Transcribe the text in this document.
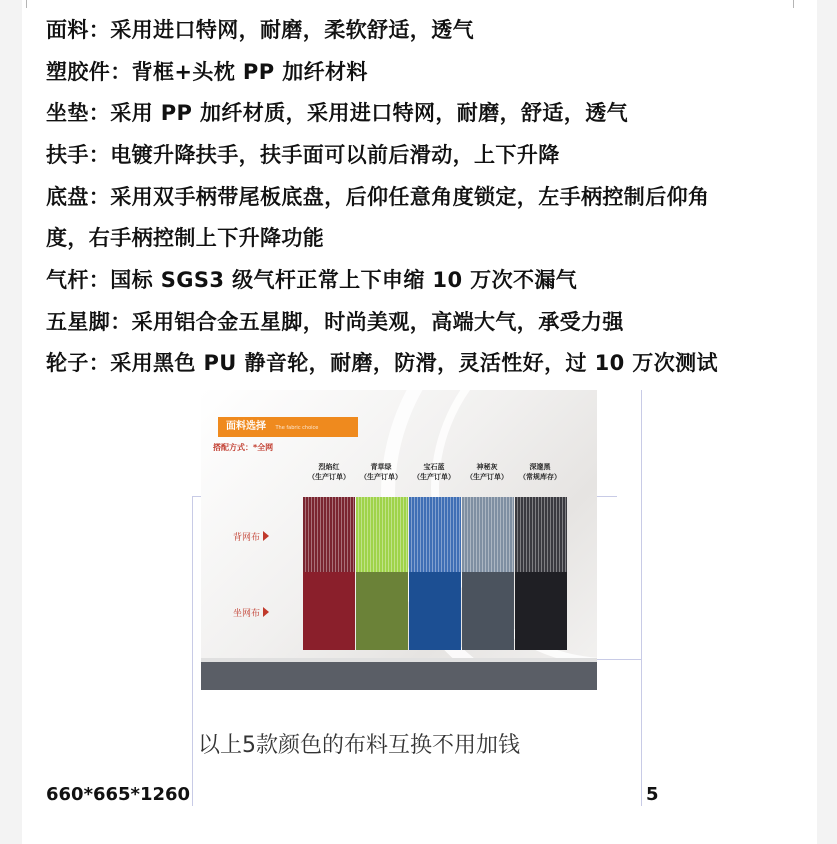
面料：采用进口特网，耐磨，柔软舒适，透气
塑胶件：背框+头枕 PP 加纤材料
坐垫：采用 PP 加纤材质，采用进口特网，耐磨，舒适，透气
扶手：电镀升降扶手，扶手面可以前后滑动，上下升降
底盘：采用双手柄带尾板底盘，后仰任意角度锁定，左手柄控制后仰角
度，右手柄控制上下升降功能
气杆：国标 SGS3 级气杆正常上下申缩 10 万次不漏气
五星脚：采用铝合金五星脚，时尚美观，高端大气，承受力强
轮子：采用黑色 PU 静音轮，耐磨，防滑，灵活性好，过 10 万次测试
面料选择 The fabric choice
搭配方式：*全网
烈焰红
（生产订单）
青草绿
（生产订单）
宝石蓝
（生产订单）
神秘灰
（生产订单）
深邃黑
（常规库存）
背网布
坐网布
以上5款颜色的布料互换不用加钱
660*665*1260	5
